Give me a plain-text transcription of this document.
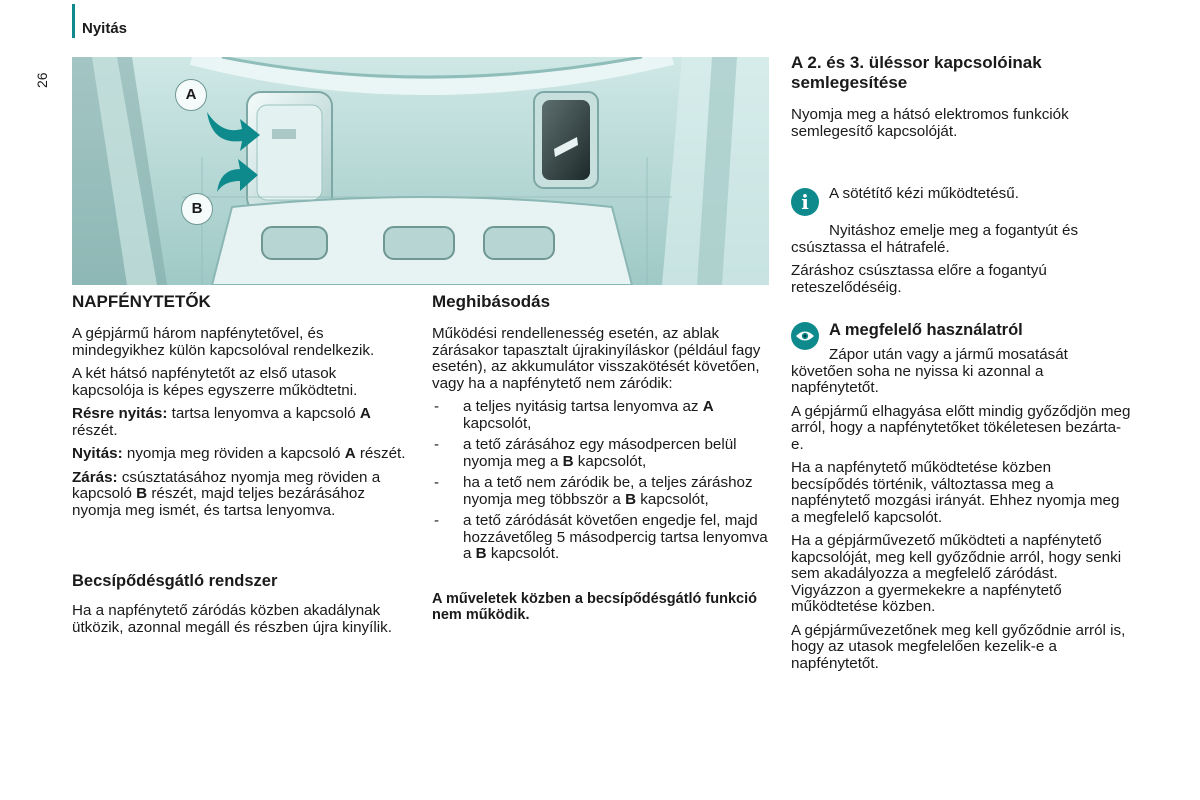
Nyitás
26
A
B
NAPFÉNYTETŐK

A gépjármű három napfénytetővel, és mindegyikhez külön kapcsolóval rendelkezik.

A két hátsó napfénytetőt az első utasok kapcsolója is képes egyszerre működtetni.

Résre nyitás: tartsa lenyomva a kapcsoló A részét.

Nyitás: nyomja meg röviden a kapcsoló A részét.

Zárás: csúsztatásához nyomja meg röviden a kapcsoló B részét, majd teljes bezárásához nyomja meg ismét, és tartsa lenyomva.

Becsípődésgátló rendszer

Ha a napfénytető záródás közben akadálynak ütközik, azonnal megáll és részben újra kinyílik.

Meghibásodás

Működési rendellenesség esetén, az ablak zárásakor tapasztalt újrakinyíláskor (például fagy esetén), az akkumulátor visszakötését követően, vagy ha a napfénytető nem záródik:

- a teljes nyitásig tartsa lenyomva az A kapcsolót,
- a tető zárásához egy másodpercen belül nyomja meg a B kapcsolót,
- ha a tető nem záródik be, a teljes záráshoz nyomja meg többször a B kapcsolót,
- a tető záródását követően engedje fel, majd hozzávetőleg 5 másodpercig tartsa lenyomva a B kapcsolót.

A műveletek közben a becsípődésgátló funkció nem működik.

A 2. és 3. üléssor kapcsolóinak semlegesítése

Nyomja meg a hátsó elektromos funkciók semlegesítő kapcsolóját.

i	A sötétítő kézi működtetésű.

Nyitáshoz emelje meg a fogantyút és csúsztassa el hátrafelé.

Záráshoz csúsztassa előre a fogantyú reteszelődéséig.

A megfelelő használatról

Zápor után vagy a jármű mosatását követően soha ne nyissa ki azonnal a napfénytetőt.

A gépjármű elhagyása előtt mindig győződjön meg arról, hogy a napfénytetőket tökéletesen bezárta-e.

Ha a napfénytető működtetése közben becsípődés történik, változtassa meg a napfénytető mozgási irányát. Ehhez nyomja meg a megfelelő kapcsolót.

Ha a gépjárművezető működteti a napfénytető kapcsolóját, meg kell győződnie arról, hogy senki sem akadályozza a megfelelő záródást. Vigyázzon a gyermekekre a napfénytető működtetése közben.

A gépjárművezetőnek meg kell győződnie arról is, hogy az utasok megfelelően kezelik-e a napfénytetőt.
